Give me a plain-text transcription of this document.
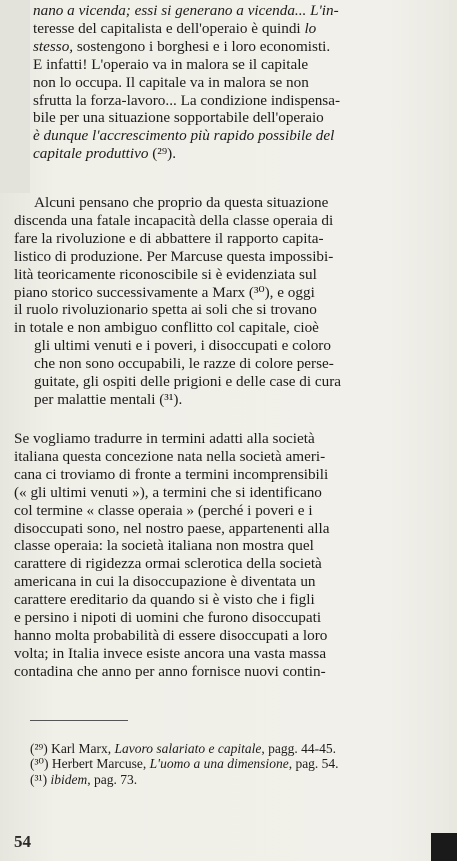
nano a vicenda; essi si generano a vicenda... L'in-

teresse del capitalista e dell'operaio è quindi lo

stesso, sostengono i borghesi e i loro economisti.

E infatti! L'operaio va in malora se il capitale

non lo occupa. Il capitale va in malora se non

sfrutta la forza-lavoro... La condizione indispensa-

bile per una situazione sopportabile dell'operaio

è dunque l'accrescimento più rapido possibile del

capitale produttivo (²⁹).

Alcuni pensano che proprio da questa situazione

discenda una fatale incapacità della classe operaia di

fare la rivoluzione e di abbattere il rapporto capita-

listico di produzione. Per Marcuse questa impossibi-

lità teoricamente riconoscibile si è evidenziata sul

piano storico successivamente a Marx (³⁰), e oggi

il ruolo rivoluzionario spetta ai soli che si trovano

in totale e non ambiguo conflitto col capitale, cioè

gli ultimi venuti e i poveri, i disoccupati e coloro

che non sono occupabili, le razze di colore perse-

guitate, gli ospiti delle prigioni e delle case di cura

per malattie mentali (³¹).

Se vogliamo tradurre in termini adatti alla società

italiana questa concezione nata nella società ameri-

cana ci troviamo di fronte a termini incomprensibili

(« gli ultimi venuti »), a termini che si identificano

col termine « classe operaia » (perché i poveri e i

disoccupati sono, nel nostro paese, appartenenti alla

classe operaia: la società italiana non mostra quel

carattere di rigidezza ormai sclerotica della società

americana in cui la disoccupazione è diventata un

carattere ereditario da quando si è visto che i figli

e persino i nipoti di uomini che furono disoccupati

hanno molta probabilità di essere disoccupati a loro

volta; in Italia invece esiste ancora una vasta massa

contadina che anno per anno fornisce nuovi contin-

(²⁹) Karl Marx, Lavoro salariato e capitale, pagg. 44-45.
(³⁰) Herbert Marcuse, L'uomo a una dimensione, pag. 54.
(³¹) ibidem, pag. 73.
54
